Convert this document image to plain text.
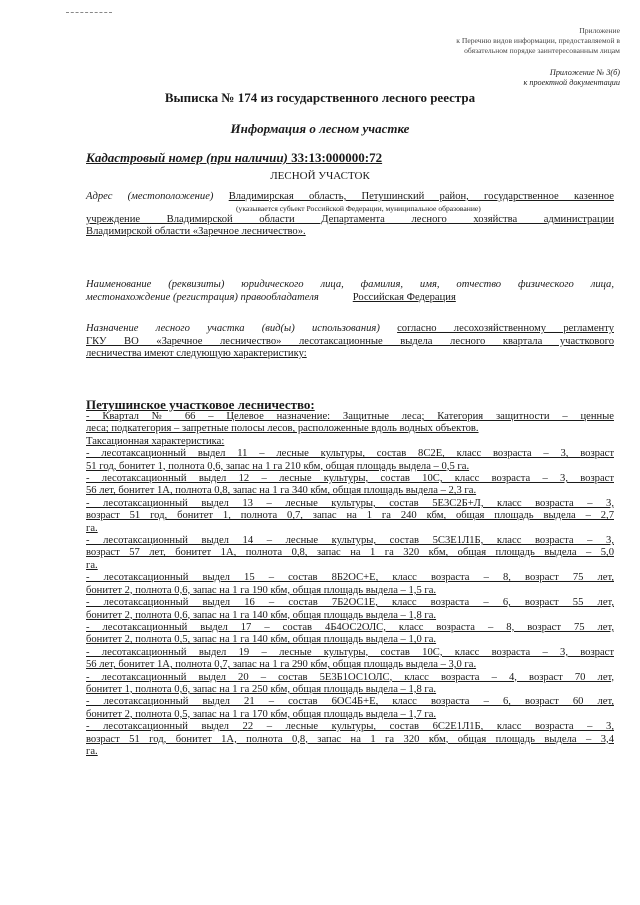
Приложение
к Перечню видов информации, предоставляемой в
обязательном порядке заинтересованным лицам
Приложение № 3(б)
к проектной документации
Выписка № 174 из государственного лесного реестра
Информация о лесном участке
Кадастровый номер (при наличии) 33:13:000000:72
ЛЕСНОЙ УЧАСТОК
Адрес (местоположение) Владимирская область, Петушинский район, государственное казенное
(указывается субъект Российской Федерации, муниципальное образование)
учреждение Владимирской области Департамента лесного хозяйства администрации
Владимирской области «Заречное лесничество».
Наименование (реквизиты) юридического лица, фамилия, имя, отчество физического лица,
местонахождение (регистрация) правообладателя	Российская Федерация
Назначение лесного участка (вид(ы) использования) согласно лесохозяйственному регламенту
ГКУ ВО «Заречное лесничество» лесотаксационные выдела лесного квартала участкового
лесничества имеют следующую характеристику:
Петушинское участковое лесничество:

- Квартал № 66 – Целевое назначение: Защитные леса; Категория защитности – ценные
леса; подкатегория – запретные полосы лесов, расположенные вдоль водных объектов.
Таксационная характеристика:
- лесотаксационный выдел 11 – лесные культуры, состав 8С2Е, класс возраста – 3, возраст
51 год, бонитет 1, полнота 0,6, запас на 1 га 210 кбм, общая площадь выдела – 0,5 га.
- лесотаксационный выдел 12 – лесные культуры, состав 10С, класс возраста – 3, возраст
56 лет, бонитет 1А, полнота 0,8, запас на 1 га 340 кбм, общая площадь выдела – 2,3 га.
- лесотаксационный выдел 13 – лесные культуры, состав 5Е3С2Б+Л, класс возраста – 3,
возраст 51 год, бонитет 1, полнота 0,7, запас на 1 га 240 кбм, общая площадь выдела – 2,7
га.
- лесотаксационный выдел 14 – лесные культуры, состав 5С3Е1Л1Б, класс возраста – 3,
возраст 57 лет, бонитет 1А, полнота 0,8, запас на 1 га 320 кбм, общая площадь выдела – 5,0
га.
- лесотаксационный выдел 15 – состав 8Б2ОС+Е, класс возраста – 8, возраст 75 лет,
бонитет 2, полнота 0,6, запас на 1 га 190 кбм, общая площадь выдела – 1,5 га.
- лесотаксационный выдел 16 – состав 7Б2ОС1Е, класс возраста – 6, возраст 55 лет,
бонитет 2, полнота 0,6, запас на 1 га 140 кбм, общая площадь выдела – 1,8 га.
- лесотаксационный выдел 17 – состав 4Б4ОС2ОЛС, класс возраста – 8, возраст 75 лет,
бонитет 2, полнота 0,5, запас на 1 га 140 кбм, общая площадь выдела – 1,0 га.
- лесотаксационный выдел 19 – лесные культуры, состав 10С, класс возраста – 3, возраст
56 лет, бонитет 1А, полнота 0,7, запас на 1 га 290 кбм, общая площадь выдела – 3,0 га.
- лесотаксационный выдел 20 – состав 5Е3Б1ОС1ОЛС, класс возраста – 4, возраст 70 лет,
бонитет 1, полнота 0,6, запас на 1 га 250 кбм, общая площадь выдела – 1,8 га.
- лесотаксационный выдел 21 – состав 6ОС4Б+Е, класс возраста – 6, возраст 60 лет,
бонитет 2, полнота 0,5, запас на 1 га 170 кбм, общая площадь выдела – 1,7 га.
- лесотаксационный выдел 22 – лесные культуры, состав 6С2Е1Л1Б, класс возраста – 3,
возраст 51 год, бонитет 1А, полнота 0,8, запас на 1 га 320 кбм, общая площадь выдела – 3,4
га.
